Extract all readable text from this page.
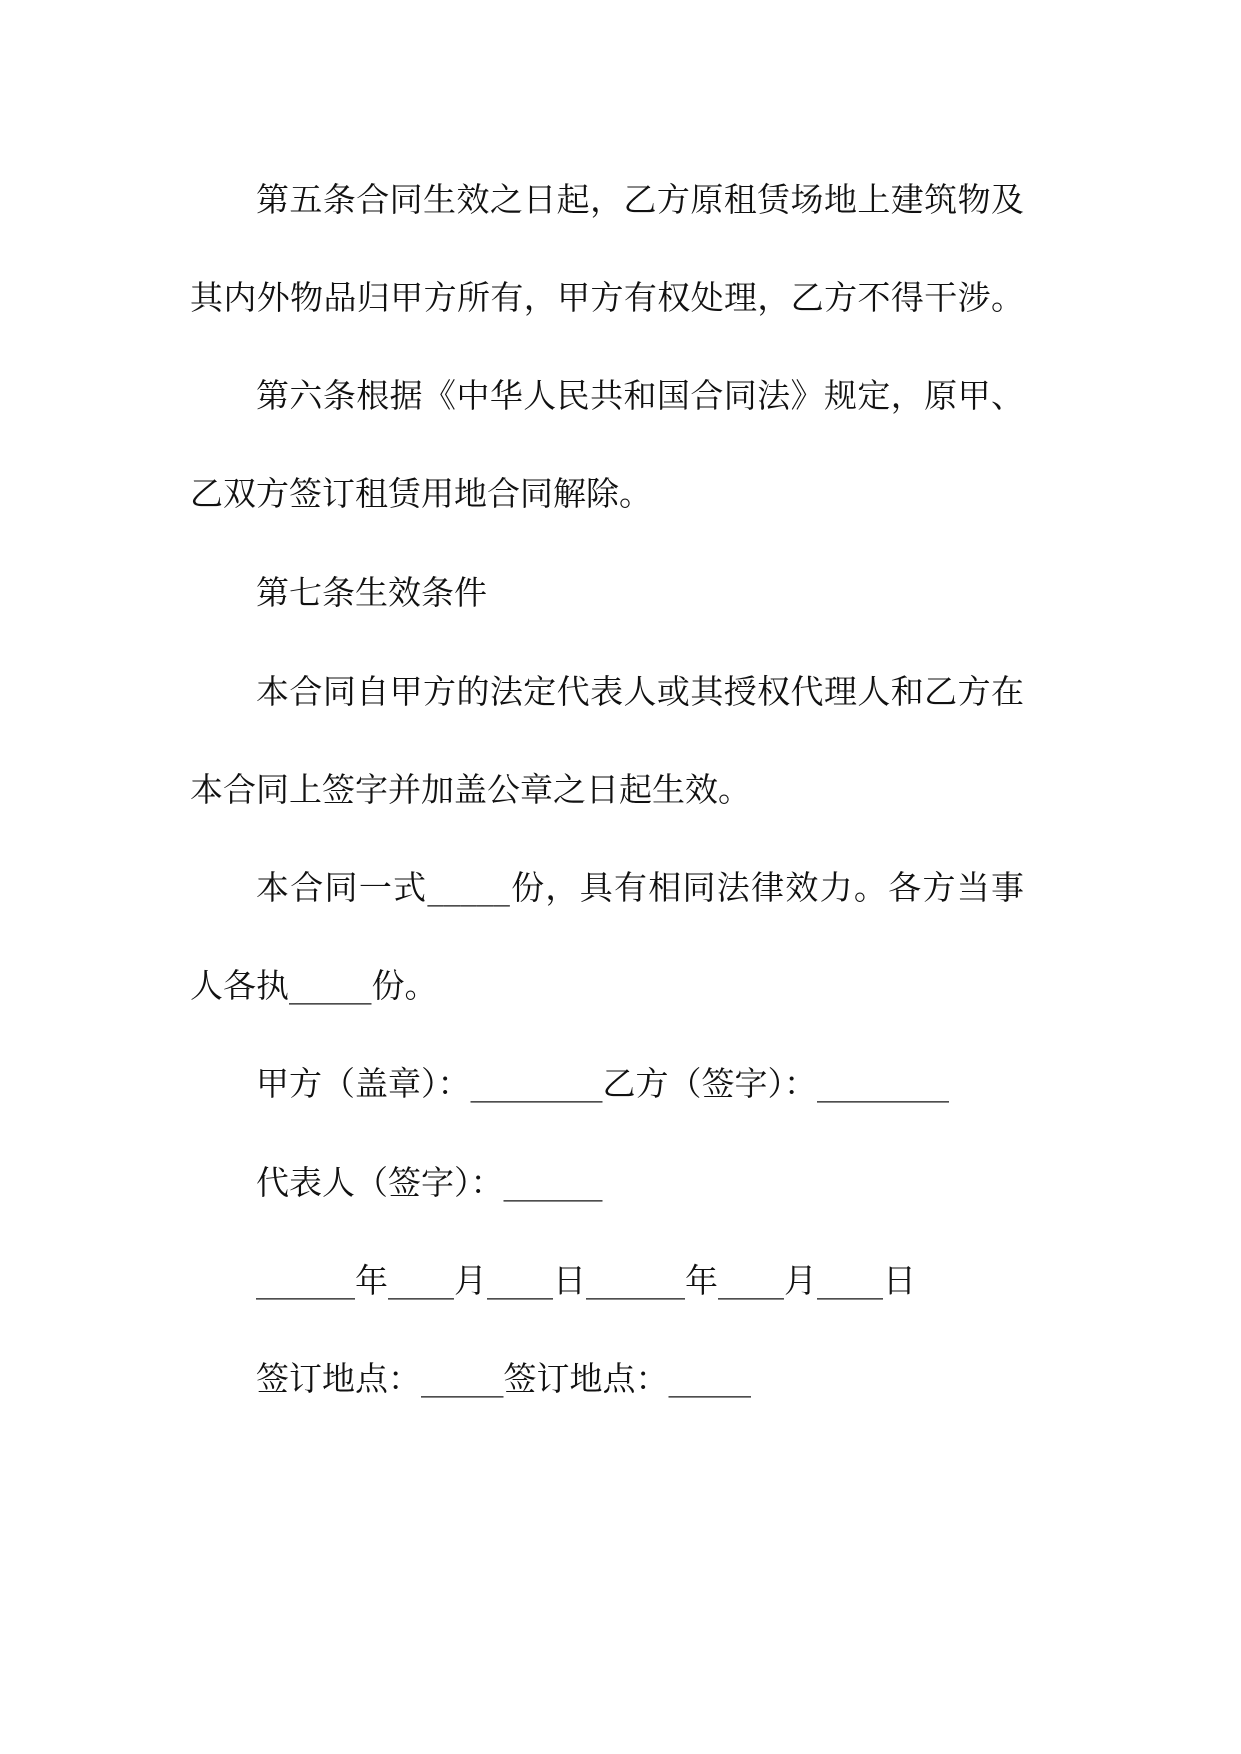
第五条合同生效之日起，乙方原租赁场地上建筑物及
其内外物品归甲方所有，甲方有权处理，乙方不得干涉。
第六条根据《中华人民共和国合同法》规定，原甲、
乙双方签订租赁用地合同解除。
第七条生效条件
本合同自甲方的法定代表人或其授权代理人和乙方在
本合同上签字并加盖公章之日起生效。
本合同一式_____份，具有相同法律效力。各方当事
人各执_____份。
甲方（盖章）：________乙方（签字）：________
代表人（签字）：______
______年____月____日______年____月____日
签订地点：_____签订地点：_____
